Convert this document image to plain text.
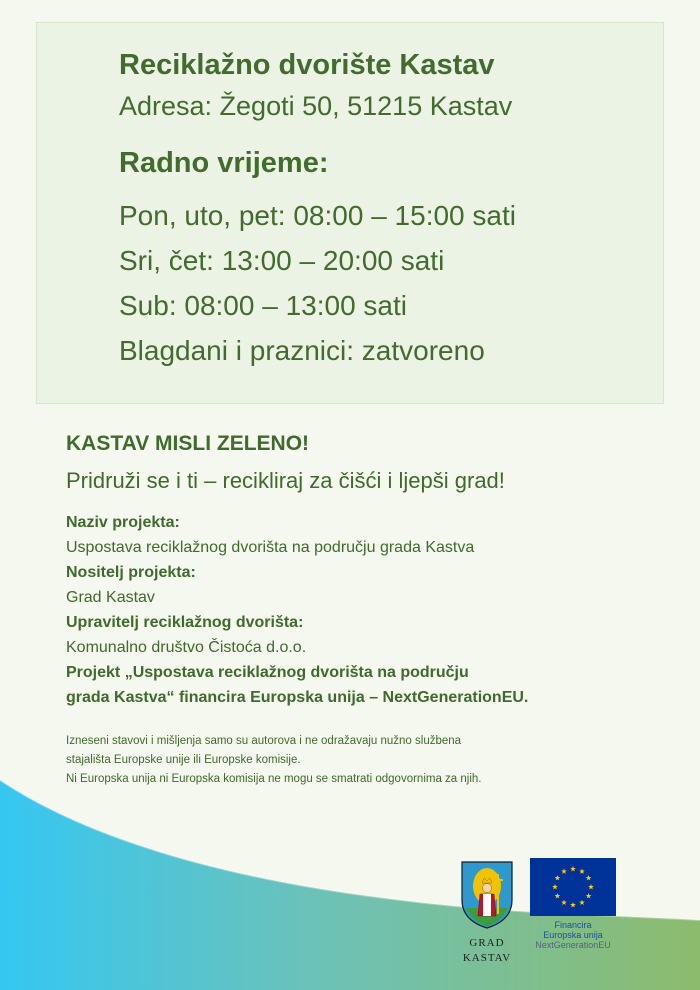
Reciklažno dvorište Kastav

Adresa: Žegoti 50, 51215 Kastav

Radno vrijeme:
Pon, uto, pet: 08:00 – 15:00 sati
Sri, čet: 13:00 – 20:00 sati
Sub: 08:00 – 13:00 sati
Blagdani i praznici: zatvoreno

KASTAV MISLI ZELENO!

Pridruži se i ti – recikliraj za čišći i ljepši grad!

Naziv projekta:
Uspostava reciklažnog dvorišta na području grada Kastva
Nositelj projekta:
Grad Kastav
Upravitelj reciklažnog dvorišta:
Komunalno društvo Čistoća d.o.o.
Projekt „Uspostava reciklažnog dvorišta na području
grada Kastva“ financira Europska unija – NextGenerationEU.
Izneseni stavovi i mišljenja samo su autorova i ne odražavaju nužno službena
stajališta Europske unije ili Europske komisije.
Ni Europska unija ni Europska komisija ne mogu se smatrati odgovornima za njih.
GRAD
KASTAV
Financira
Europska unija
NextGenerationEU
